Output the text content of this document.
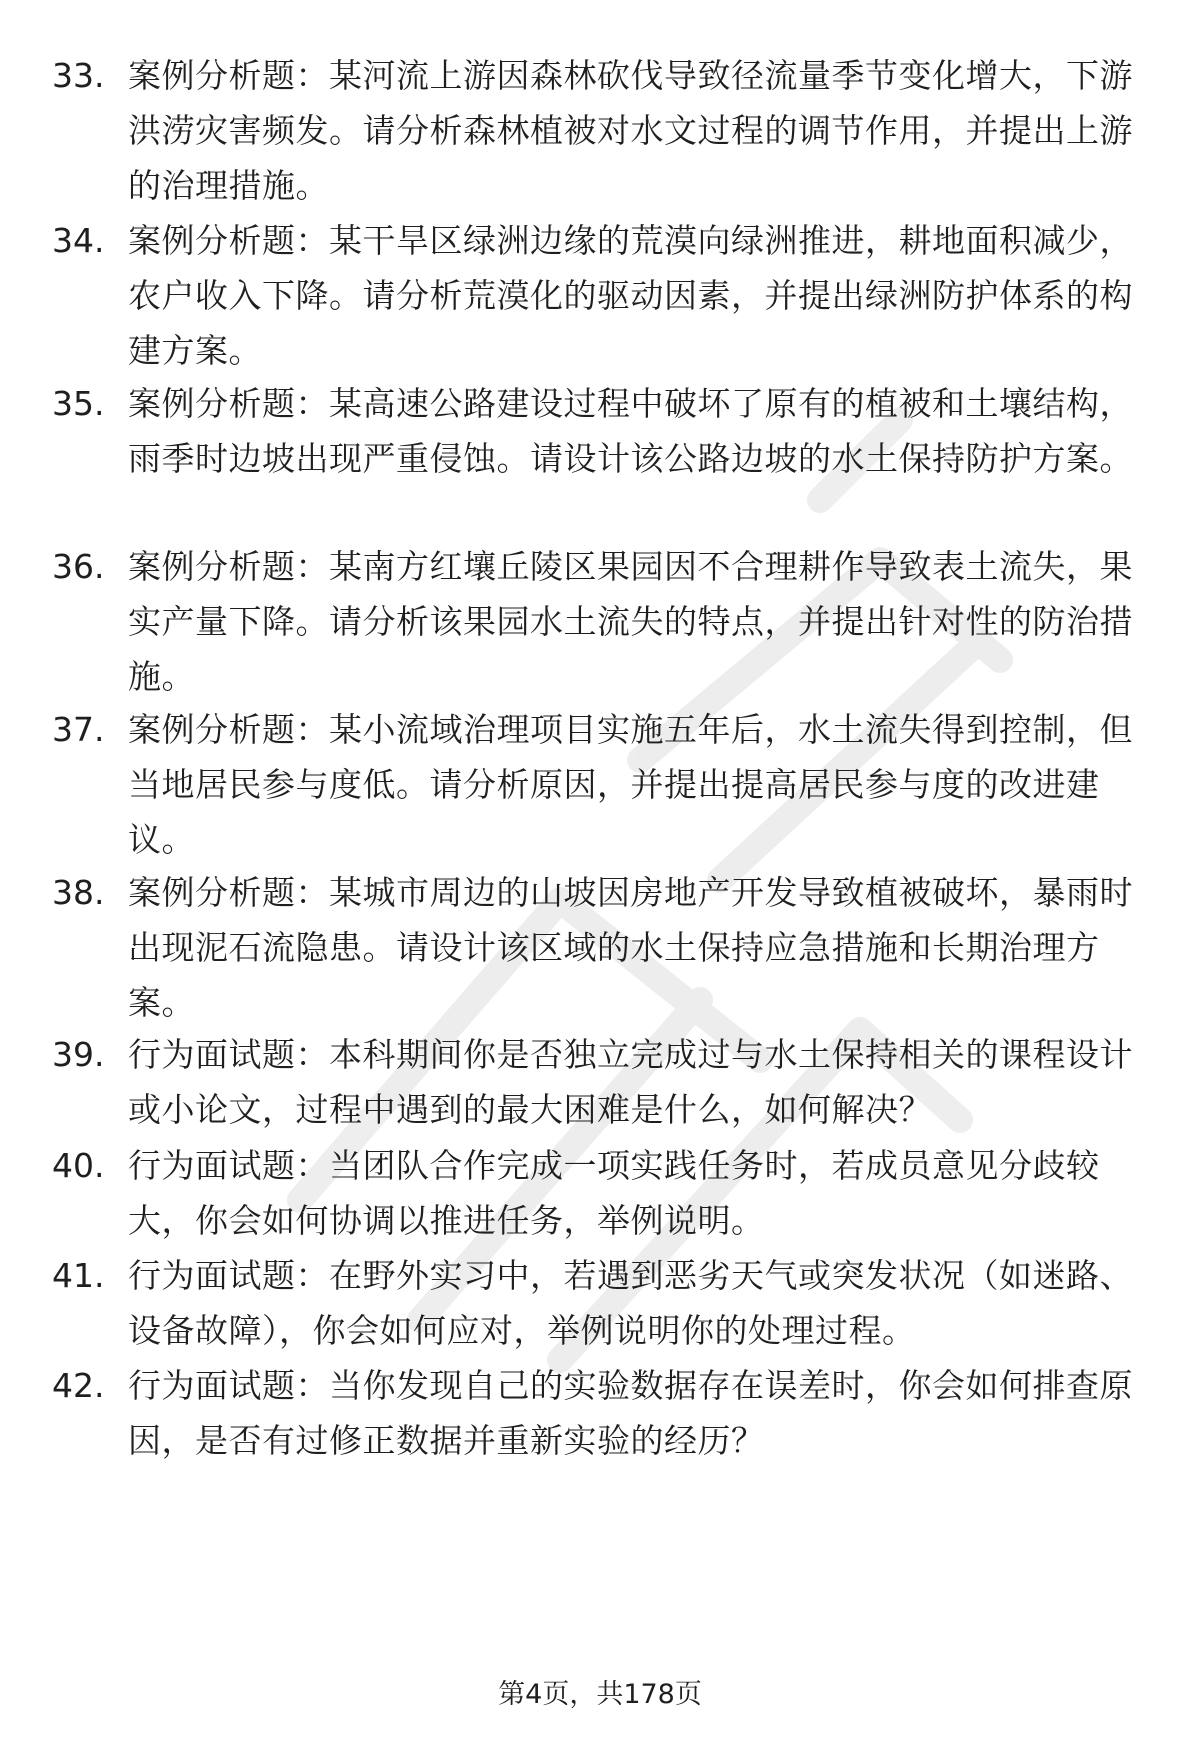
33. 案例分析题：某河流上游因森林砍伐导致径流量季节变化增大，下游洪涝灾害频发。请分析森林植被对水文过程的调节作用，并提出上游的治理措施。

34. 案例分析题：某干旱区绿洲边缘的荒漠向绿洲推进，耕地面积减少，农户收入下降。请分析荒漠化的驱动因素，并提出绿洲防护体系的构建方案。

35. 案例分析题：某高速公路建设过程中破坏了原有的植被和土壤结构，雨季时边坡出现严重侵蚀。请设计该公路边坡的水土保持防护方案。

36. 案例分析题：某南方红壤丘陵区果园因不合理耕作导致表土流失，果实产量下降。请分析该果园水土流失的特点，并提出针对性的防治措施。

37. 案例分析题：某小流域治理项目实施五年后，水土流失得到控制，但当地居民参与度低。请分析原因，并提出提高居民参与度的改进建议。

38. 案例分析题：某城市周边的山坡因房地产开发导致植被破坏，暴雨时出现泥石流隐患。请设计该区域的水土保持应急措施和长期治理方案。

39. 行为面试题：本科期间你是否独立完成过与水土保持相关的课程设计或小论文，过程中遇到的最大困难是什么，如何解决？

40. 行为面试题：当团队合作完成一项实践任务时，若成员意见分歧较大，你会如何协调以推进任务，举例说明。

41. 行为面试题：在野外实习中，若遇到恶劣天气或突发状况（如迷路、设备故障），你会如何应对，举例说明你的处理过程。

42. 行为面试题：当你发现自己的实验数据存在误差时，你会如何排查原因，是否有过修正数据并重新实验的经历？

第4页，共178页
